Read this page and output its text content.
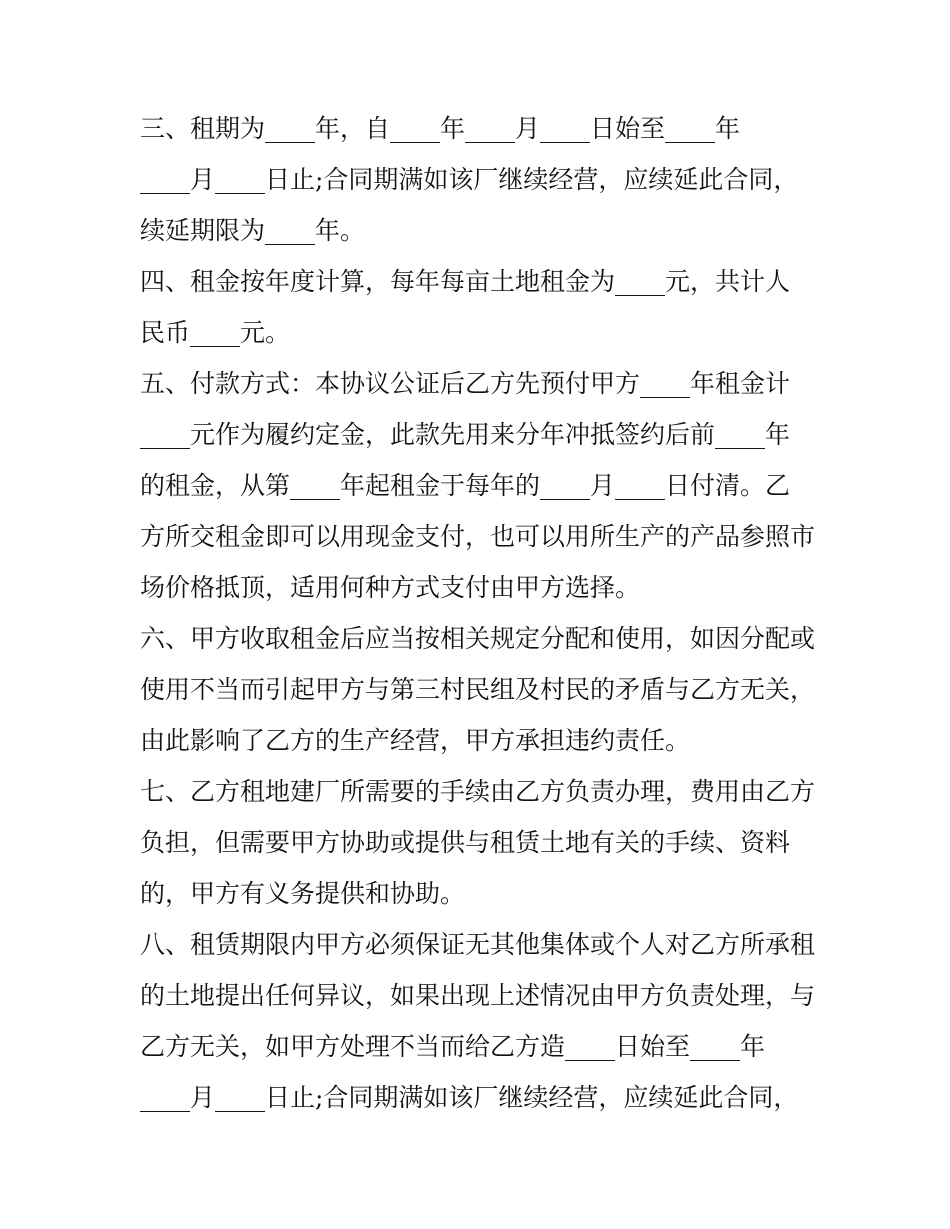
三、租期为____年，自____年____月____日始至____年
____月____日止;合同期满如该厂继续经营，应续延此合同，
续延期限为____年。
四、租金按年度计算，每年每亩土地租金为____元，共计人
民币____元。
五、付款方式：本协议公证后乙方先预付甲方____年租金计
____元作为履约定金，此款先用来分年冲抵签约后前____年
的租金，从第____年起租金于每年的____月____日付清。乙
方所交租金即可以用现金支付，也可以用所生产的产品参照市
场价格抵顶，适用何种方式支付由甲方选择。
六、甲方收取租金后应当按相关规定分配和使用，如因分配或
使用不当而引起甲方与第三村民组及村民的矛盾与乙方无关，
由此影响了乙方的生产经营，甲方承担违约责任。
七、乙方租地建厂所需要的手续由乙方负责办理，费用由乙方
负担，但需要甲方协助或提供与租赁土地有关的手续、资料
的，甲方有义务提供和协助。
八、租赁期限内甲方必须保证无其他集体或个人对乙方所承租
的土地提出任何异议，如果出现上述情况由甲方负责处理，与
乙方无关，如甲方处理不当而给乙方造____日始至____年
____月____日止;合同期满如该厂继续经营，应续延此合同，
